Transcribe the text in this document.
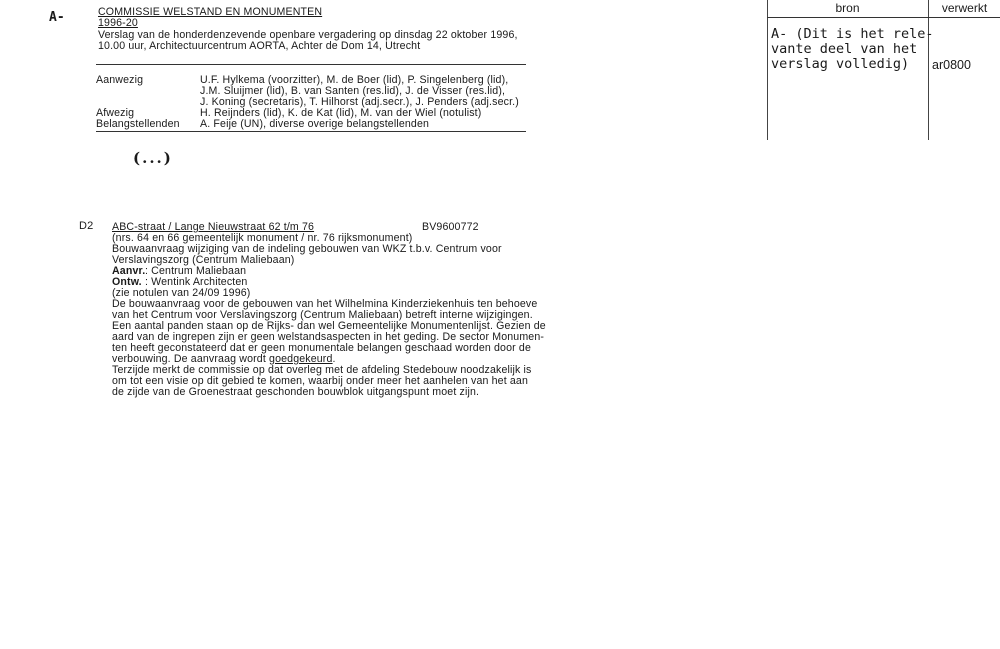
A-	COMMISSIE WELSTAND EN MONUMENTEN
1996-20
Verslag van de honderdenzevende openbare vergadering op dinsdag 22 oktober 1996,
10.00 uur, Architectuurcentrum AORTA, Achter de Dom 14, Utrecht
Aanwezig	U.F. Hylkema (voorzitter), M. de Boer (lid), P. Singelenberg (lid),
J.M. Sluijmer (lid), B. van Santen (res.lid), J. de Visser (res.lid),
J. Koning (secretaris), T. Hilhorst (adj.secr.), J. Penders (adj.secr.)
Afwezig	H. Reijnders (lid), K. de Kat (lid), M. van der Wiel (notulist)
Belangstellenden A. Feije (UN), diverse overige belangstellenden
(...)
bron	verwerkt
A- (Dit is het rele-
vante deel van het
verslag volledig) ar0800
D2 ABC-straat / Lange Nieuwstraat 62 t/m 76	BV9600772
(nrs. 64 en 66 gemeentelijk monument / nr. 76 rijksmonument)
Bouwaanvraag wijziging van de indeling gebouwen van WKZ t.b.v. Centrum voor
Verslavingszorg (Centrum Maliebaan)
Aanvr. : Centrum Maliebaan
Ontw. : Wentink Architecten
(zie notulen van 24/09 1996)
De bouwaanvraag voor de gebouwen van het Wilhelmina Kinderziekenhuis ten behoeve
van het Centrum voor Verslavingszorg (Centrum Maliebaan) betreft interne wijzigingen.
Een aantal panden staan op de Rijks- dan wel Gemeentelijke Monumentenlijst. Gezien de
aard van de ingrepen zijn er geen welstandsaspecten in het geding. De sector Monumen-
ten heeft geconstateerd dat er geen monumentale belangen geschaad worden door de
verbouwing. De aanvraag wordt goedgekeurd.
Terzijde merkt de commissie op dat overleg met de afdeling Stedebouw noodzakelijk is
om tot een visie op dit gebied te komen, waarbij onder meer het aanhelen van het aan
de zijde van de Groenestraat geschonden bouwblok uitgangspunt moet zijn.
